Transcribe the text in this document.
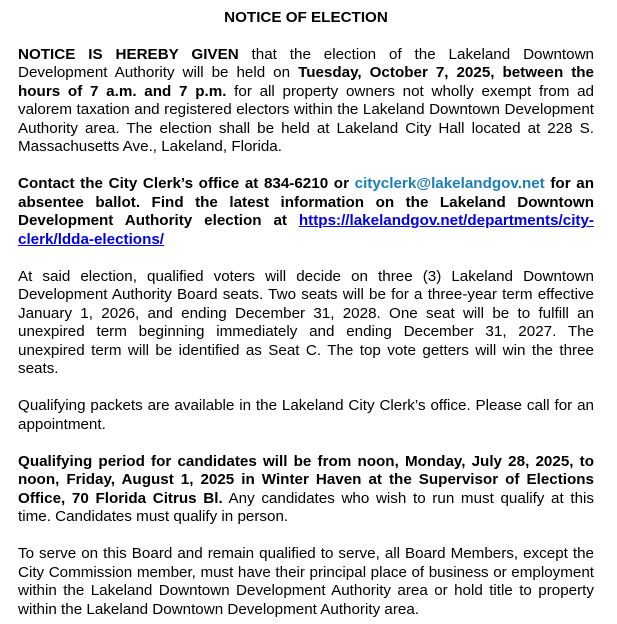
NOTICE OF ELECTION

NOTICE IS HEREBY GIVEN that the election of the Lakeland Downtown Development Authority will be held on Tuesday, October 7, 2025, between the hours of 7 a.m. and 7 p.m. for all property owners not wholly exempt from ad valorem taxation and registered electors within the Lakeland Downtown Development Authority area. The election shall be held at Lakeland City Hall located at 228 S. Massachusetts Ave., Lakeland, Florida.

Contact the City Clerk’s office at 834-6210 or cityclerk@lakelandgov.net for an absentee ballot. Find the latest information on the Lakeland Downtown Development Authority election at https://lakelandgov.net/departments/city-clerk/ldda-elections/

At said election, qualified voters will decide on three (3) Lakeland Downtown Development Authority Board seats. Two seats will be for a three-year term effective January 1, 2026, and ending December 31, 2028. One seat will be to fulfill an unexpired term beginning immediately and ending December 31, 2027. The unexpired term will be identified as Seat C. The top vote getters will win the three seats.

Qualifying packets are available in the Lakeland City Clerk’s office. Please call for an appointment.

Qualifying period for candidates will be from noon, Monday, July 28, 2025, to noon, Friday, August 1, 2025 in Winter Haven at the Supervisor of Elections Office, 70 Florida Citrus Bl. Any candidates who wish to run must qualify at this time. Candidates must qualify in person.

To serve on this Board and remain qualified to serve, all Board Members, except the City Commission member, must have their principal place of business or employment within the Lakeland Downtown Development Authority area or hold title to property within the Lakeland Downtown Development Authority area.
